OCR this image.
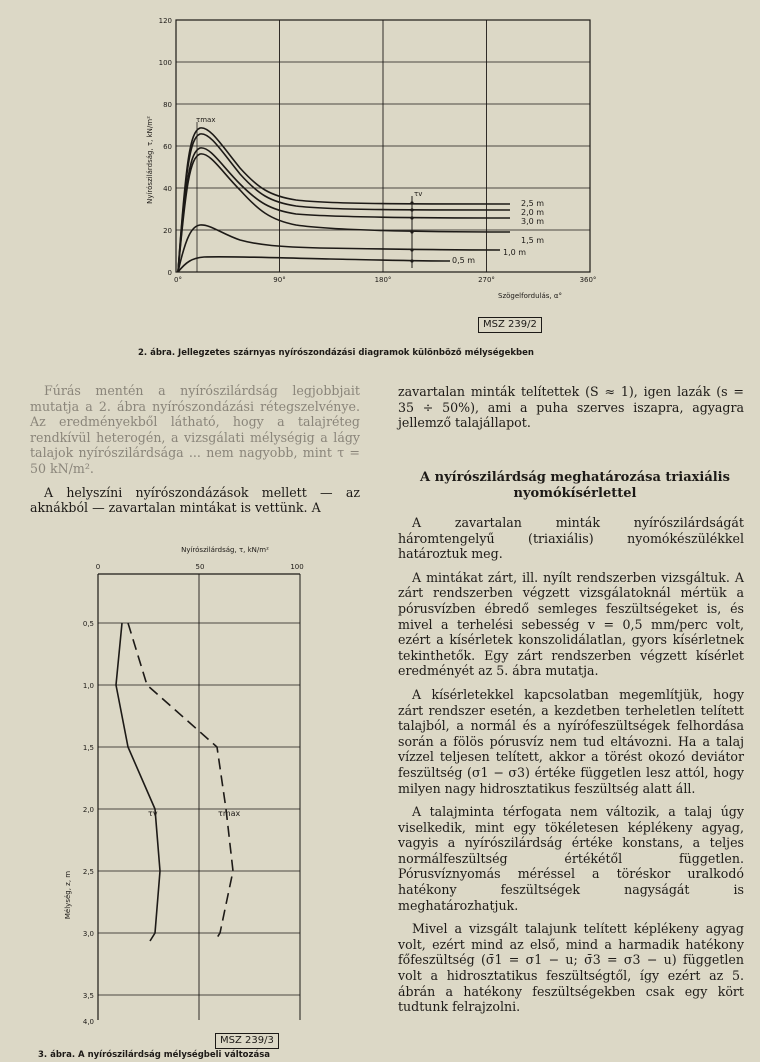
120
100
80
60
40
20
0
0°	90°	180°	270°	360°
Szögelfordulás, α°
Nyírószilárdság, τ, kN/m²	τv
τmax
2,5 m
2,0 m
3,0 m
1,5 m
1,0 m
0,5 m
MSZ 239/2
2. ábra. Jellegzetes szárnyas nyírószondázási diagramok különböző mélységekben

Fúrás mentén a nyírószilárdság legjobbjait mutatja a 2. ábra nyírószondázási rétegszelvénye. Az eredményekből látható, hogy a talajréteg rendkívül heterogén, a vizsgálati mélységig a lágy talajok nyírószilárdsága ... nem nagyobb, mint τ = 50 kN/m².

A helyszíni nyírószondázások mellett — az aknákból — zavartalan mintákat is vettünk. A

Nyírószilárdság, τ, kN/m²
0	50	100
0,5
1,0
1,5
2,0
2,5
3,0
3,5
4,0
Mélység, z, m
τv	τmax
MSZ 239/3
3. ábra. A nyírószilárdság mélységbeli változása

zavartalan minták telítettek (S ≈ 1), igen lazák (s = 35 ÷ 50%), ami a puha szerves iszapra, agyagra jellemző talajállapot.

A nyírószilárdság meghatározása triaxiális nyomókísérlettel

A zavartalan minták nyírószilárdságát háromtengelyű (triaxiális) nyomókészülékkel határoztuk meg.

A mintákat zárt, ill. nyílt rendszerben vizsgáltuk. A zárt rendszerben végzett vizsgálatoknál mértük a pórusvízben ébredő semleges feszültségeket is, és mivel a terhelési sebesség v = 0,5 mm/perc volt, ezért a kísérletek konszolidálatlan, gyors kísérletnek tekinthetők. Egy zárt rendszerben végzett kísérlet eredményét az 5. ábra mutatja.

A kísérletekkel kapcsolatban megemlítjük, hogy zárt rendszer esetén, a kezdetben terheletlen telített talajból, a normál és a nyírófeszültségek felhordása során a fölös pórusvíz nem tud eltávozni. Ha a talaj vízzel teljesen telített, akkor a törést okozó deviátor feszültség (σ1 − σ3) értéke független lesz attól, hogy milyen nagy hidrosztatikus feszültség alatt áll.

A talajminta térfogata nem változik, a talaj úgy viselkedik, mint egy tökéletesen képlékeny agyag, vagyis a nyírószilárdság értéke konstans, a teljes normálfeszültség értékétől független. Pórusvíznyomás méréssel a töréskor uralkodó hatékony feszültségek nagyságát is meghatározhatjuk.

Mivel a vizsgált talajunk telített képlékeny agyag volt, ezért mind az első, mind a harmadik hatékony főfeszültség (σ̄1 = σ1 − u; σ̄3 = σ3 − u) független volt a hidrosztatikus feszültségtől, így ezért az 5. ábrán a hatékony feszültségekben csak egy kört tudtunk felrajzolni.
